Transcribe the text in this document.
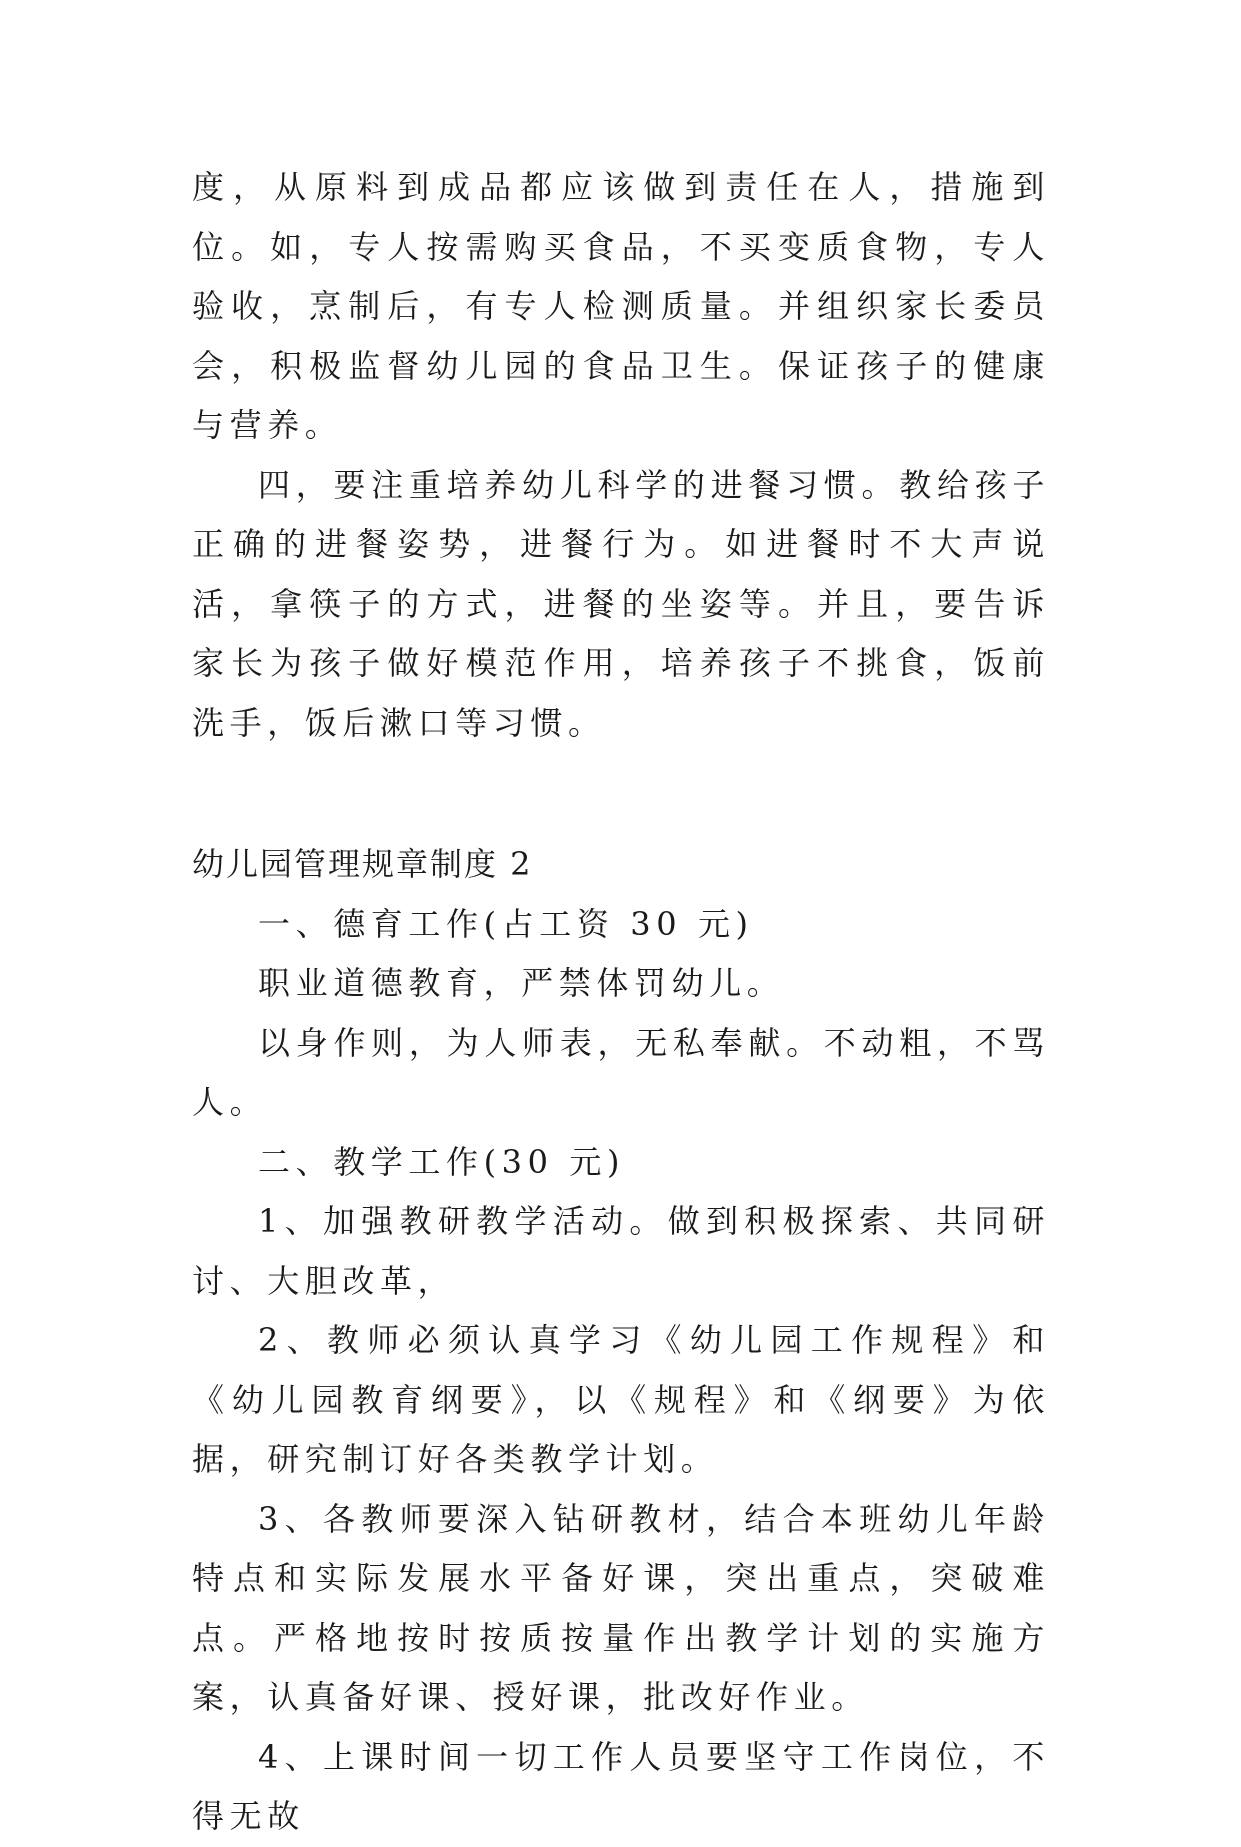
度，从原料到成品都应该做到责任在人，措施到位。如，专人按需购买食品，不买变质食物，专人验收，烹制后，有专人检测质量。并组织家长委员会，积极监督幼儿园的食品卫生。保证孩子的健康与营养。

四，要注重培养幼儿科学的进餐习惯。教给孩子正确的进餐姿势，进餐行为。如进餐时不大声说活，拿筷子的方式，进餐的坐姿等。并且，要告诉家长为孩子做好模范作用，培养孩子不挑食，饭前洗手，饭后漱口等习惯。

幼儿园管理规章制度 2

一、德育工作(占工资 30 元)

职业道德教育，严禁体罚幼儿。

以身作则，为人师表，无私奉献。不动粗，不骂人。

二、教学工作(30 元)

1、加强教研教学活动。做到积极探索、共同研讨、大胆改革，

2、教师必须认真学习《幼儿园工作规程》和《幼儿园教育纲要》，以《规程》和《纲要》为依据，研究制订好各类教学计划。

3、各教师要深入钻研教材，结合本班幼儿年龄特点和实际发展水平备好课，突出重点，突破难点。严格地按时按质按量作出教学计划的实施方案，认真备好课、授好课，批改好作业。

4、上课时间一切工作人员要坚守工作岗位，不得无故
